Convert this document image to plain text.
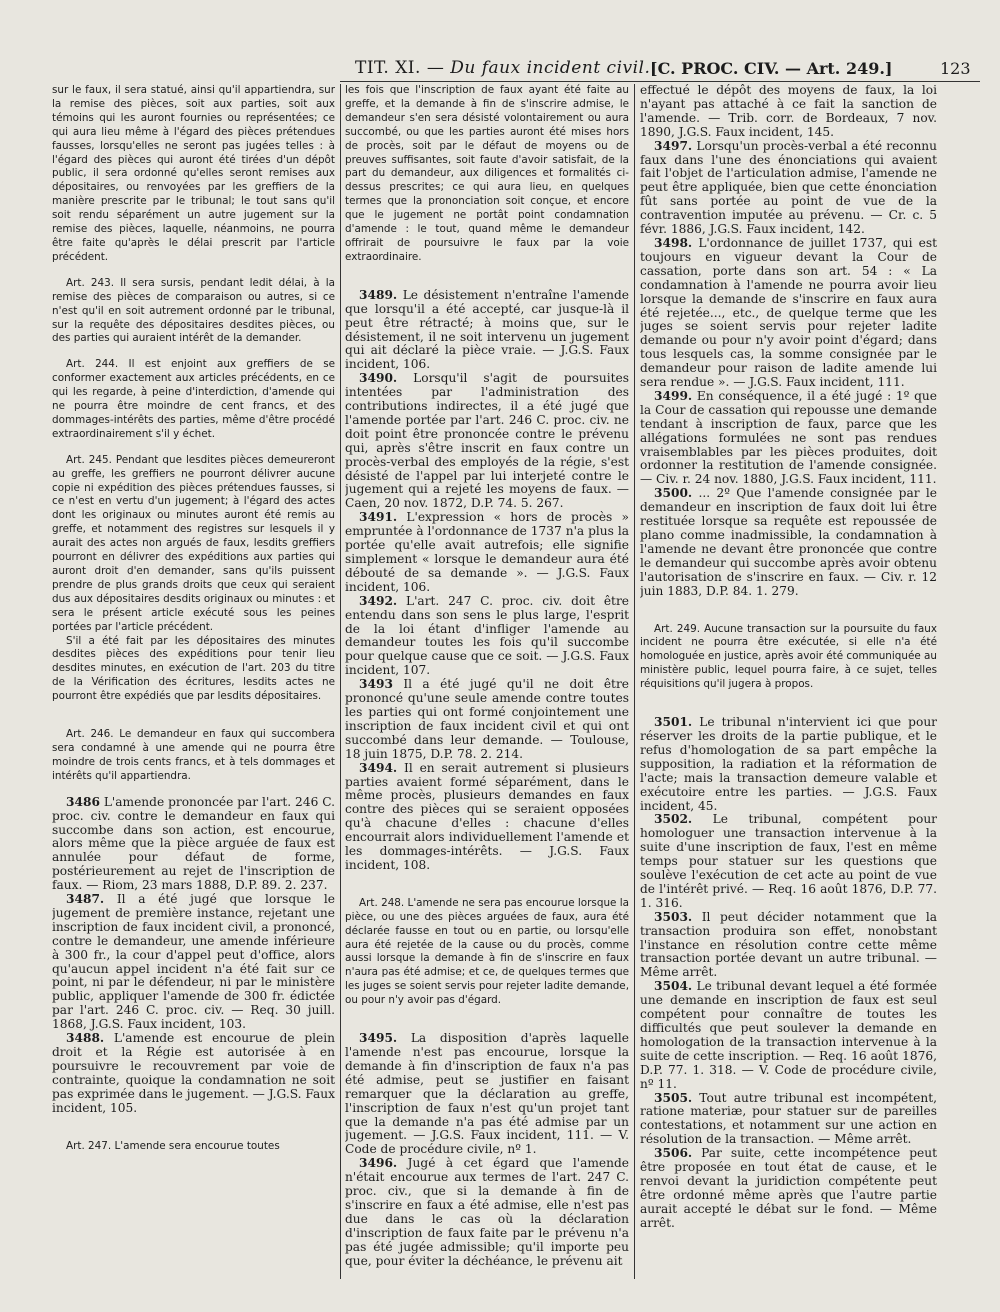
TIT. XI. — Du faux incident civil. [C. PROC. CIV. — Art. 249.]	123

sur le faux, il sera statué, ainsi qu'il appartiendra, sur la remise des pièces, soit aux parties, soit aux témoins qui les auront fournies ou représentées; ce qui aura lieu même à l'égard des pièces prétendues fausses, lorsqu'elles ne seront pas jugées telles : à l'égard des pièces qui auront été tirées d'un dépôt public, il sera ordonné qu'elles seront remises aux dépositaires, ou renvoyées par les greffiers de la manière prescrite par le tribunal; le tout sans qu'il soit rendu séparément un autre jugement sur la remise des pièces, laquelle, néanmoins, ne pourra être faite qu'après le délai prescrit par l'article précédent.

Art. 243. Il sera sursis, pendant ledit délai, à la remise des pièces de comparaison ou autres, si ce n'est qu'il en soit autrement ordonné par le tribunal, sur la requête des dépositaires desdites pièces, ou des parties qui auraient intérêt de la demander.

Art. 244. Il est enjoint aux greffiers de se conformer exactement aux articles précédents, en ce qui les regarde, à peine d'interdiction, d'amende qui ne pourra être moindre de cent francs, et des dommages-intérêts des parties, même d'être procédé extraordinairement s'il y échet.

Art. 245. Pendant que lesdites pièces demeureront au greffe, les greffiers ne pourront délivrer aucune copie ni expédition des pièces prétendues fausses, si ce n'est en vertu d'un jugement; à l'égard des actes dont les originaux ou minutes auront été remis au greffe, et notamment des registres sur lesquels il y aurait des actes non argués de faux, lesdits greffiers pourront en délivrer des expéditions aux parties qui auront droit d'en demander, sans qu'ils puissent prendre de plus grands droits que ceux qui seraient dus aux dépositaires desdits originaux ou minutes : et sera le présent article exécuté sous les peines portées par l'article précédent.

S'il a été fait par les dépositaires des minutes desdites pièces des expéditions pour tenir lieu desdites minutes, en exécution de l'art. 203 du titre de la Vérification des écritures, lesdits actes ne pourront être expédiés que par lesdits dépositaires.

Art. 246. Le demandeur en faux qui succombera sera condamné à une amende qui ne pourra être moindre de trois cents francs, et à tels dommages et intérêts qu'il appartiendra.

3486 L'amende prononcée par l'art. 246 C. proc. civ. contre le demandeur en faux qui succombe dans son action, est encourue, alors même que la pièce arguée de faux est annulée pour défaut de forme, postérieurement au rejet de l'inscription de faux. — Riom, 23 mars 1888, D.P. 89. 2. 237.

3487. Il a été jugé que lorsque le jugement de première instance, rejetant une inscription de faux incident civil, a prononcé, contre le demandeur, une amende inférieure à 300 fr., la cour d'appel peut d'office, alors qu'aucun appel incident n'a été fait sur ce point, ni par le défendeur, ni par le ministère public, appliquer l'amende de 300 fr. édictée par l'art. 246 C. proc. civ. — Req. 30 juill. 1868, J.G.S. Faux incident, 103.

3488. L'amende est encourue de plein droit et la Régie est autorisée à en poursuivre le recouvrement par voie de contrainte, quoique la condamnation ne soit pas exprimée dans le jugement. — J.G.S. Faux incident, 105.

Art. 247. L'amende sera encourue toutes

les fois que l'inscription de faux ayant été faite au greffe, et la demande à fin de s'inscrire admise, le demandeur s'en sera désisté volontairement ou aura succombé, ou que les parties auront été mises hors de procès, soit par le défaut de moyens ou de preuves suffisantes, soit faute d'avoir satisfait, de la part du demandeur, aux diligences et formalités ci-dessus prescrites; ce qui aura lieu, en quelques termes que la prononciation soit conçue, et encore que le jugement ne portât point condamnation d'amende : le tout, quand même le demandeur offrirait de poursuivre le faux par la voie extraordinaire.

3489. Le désistement n'entraîne l'amende que lorsqu'il a été accepté, car jusque-là il peut être rétracté; à moins que, sur le désistement, il ne soit intervenu un jugement qui ait déclaré la pièce vraie. — J.G.S. Faux incident, 106.

3490. Lorsqu'il s'agit de poursuites intentées par l'administration des contributions indirectes, il a été jugé que l'amende portée par l'art. 246 C. proc. civ. ne doit point être prononcée contre le prévenu qui, après s'être inscrit en faux contre un procès-verbal des employés de la régie, s'est désisté de l'appel par lui interjeté contre le jugement qui a rejeté les moyens de faux. — Caen, 20 nov. 1872, D.P. 74. 5. 267.

3491. L'expression « hors de procès » empruntée à l'ordonnance de 1737 n'a plus la portée qu'elle avait autrefois; elle signifie simplement « lorsque le demandeur aura été débouté de sa demande ». — J.G.S. Faux incident, 106.

3492. L'art. 247 C. proc. civ. doit être entendu dans son sens le plus large, l'esprit de la loi étant d'infliger l'amende au demandeur toutes les fois qu'il succombe pour quelque cause que ce soit. — J.G.S. Faux incident, 107.

3493 Il a été jugé qu'il ne doit être prononcé qu'une seule amende contre toutes les parties qui ont formé conjointement une inscription de faux incident civil et qui ont succombé dans leur demande. — Toulouse, 18 juin 1875, D.P. 78. 2. 214.

3494. Il en serait autrement si plusieurs parties avaient formé séparément, dans le même procès, plusieurs demandes en faux contre des pièces qui se seraient opposées qu'à chacune d'elles : chacune d'elles encourrait alors individuellement l'amende et les dommages-intérêts. — J.G.S. Faux incident, 108.

Art. 248. L'amende ne sera pas encourue lorsque la pièce, ou une des pièces arguées de faux, aura été déclarée fausse en tout ou en partie, ou lorsqu'elle aura été rejetée de la cause ou du procès, comme aussi lorsque la demande à fin de s'inscrire en faux n'aura pas été admise; et ce, de quelques termes que les juges se soient servis pour rejeter ladite demande, ou pour n'y avoir pas d'égard.

3495. La disposition d'après laquelle l'amende n'est pas encourue, lorsque la demande à fin d'inscription de faux n'a pas été admise, peut se justifier en faisant remarquer que la déclaration au greffe, l'inscription de faux n'est qu'un projet tant que la demande n'a pas été admise par un jugement. — J.G.S. Faux incident, 111. — V. Code de procédure civile, nº 1.

3496. Jugé à cet égard que l'amende n'était encourue aux termes de l'art. 247 C. proc. civ., que si la demande à fin de s'inscrire en faux a été admise, elle n'est pas due dans le cas où la déclaration d'inscription de faux faite par le prévenu n'a pas été jugée admissible; qu'il importe peu que, pour éviter la déchéance, le prévenu ait

effectué le dépôt des moyens de faux, la loi n'ayant pas attaché à ce fait la sanction de l'amende. — Trib. corr. de Bordeaux, 7 nov. 1890, J.G.S. Faux incident, 145.

3497. Lorsqu'un procès-verbal a été reconnu faux dans l'une des énonciations qui avaient fait l'objet de l'articulation admise, l'amende ne peut être appliquée, bien que cette énonciation fût sans portée au point de vue de la contravention imputée au prévenu. — Cr. c. 5 févr. 1886, J.G.S. Faux incident, 142.

3498. L'ordonnance de juillet 1737, qui est toujours en vigueur devant la Cour de cassation, porte dans son art. 54 : « La condamnation à l'amende ne pourra avoir lieu lorsque la demande de s'inscrire en faux aura été rejetée..., etc., de quelque terme que les juges se soient servis pour rejeter ladite demande ou pour n'y avoir point d'égard; dans tous lesquels cas, la somme consignée par le demandeur pour raison de ladite amende lui sera rendue ». — J.G.S. Faux incident, 111.

3499. En conséquence, il a été jugé : 1º que la Cour de cassation qui repousse une demande tendant à inscription de faux, parce que les allégations formulées ne sont pas rendues vraisemblables par les pièces produites, doit ordonner la restitution de l'amende consignée. — Civ. r. 24 nov. 1880, J.G.S. Faux incident, 111.

3500. ... 2º Que l'amende consignée par le demandeur en inscription de faux doit lui être restituée lorsque sa requête est repoussée de plano comme inadmissible, la condamnation à l'amende ne devant être prononcée que contre le demandeur qui succombe après avoir obtenu l'autorisation de s'inscrire en faux. — Civ. r. 12 juin 1883, D.P. 84. 1. 279.

Art. 249. Aucune transaction sur la poursuite du faux incident ne pourra être exécutée, si elle n'a été homologuée en justice, après avoir été communiquée au ministère public, lequel pourra faire, à ce sujet, telles réquisitions qu'il jugera à propos.

3501. Le tribunal n'intervient ici que pour réserver les droits de la partie publique, et le refus d'homologation de sa part empêche la supposition, la radiation et la réformation de l'acte; mais la transaction demeure valable et exécutoire entre les parties. — J.G.S. Faux incident, 45.

3502. Le tribunal, compétent pour homologuer une transaction intervenue à la suite d'une inscription de faux, l'est en même temps pour statuer sur les questions que soulève l'exécution de cet acte au point de vue de l'intérêt privé. — Req. 16 août 1876, D.P. 77. 1. 316.

3503. Il peut décider notamment que la transaction produira son effet, nonobstant l'instance en résolution contre cette même transaction portée devant un autre tribunal. — Même arrêt.

3504. Le tribunal devant lequel a été formée une demande en inscription de faux est seul compétent pour connaître de toutes les difficultés que peut soulever la demande en homologation de la transaction intervenue à la suite de cette inscription. — Req. 16 août 1876, D.P. 77. 1. 318. — V. Code de procédure civile, nº 11.

3505. Tout autre tribunal est incompétent, ratione materiæ, pour statuer sur de pareilles contestations, et notamment sur une action en résolution de la transaction. — Même arrêt.

3506. Par suite, cette incompétence peut être proposée en tout état de cause, et le renvoi devant la juridiction compétente peut être ordonné même après que l'autre partie aurait accepté le débat sur le fond. — Même arrêt.
